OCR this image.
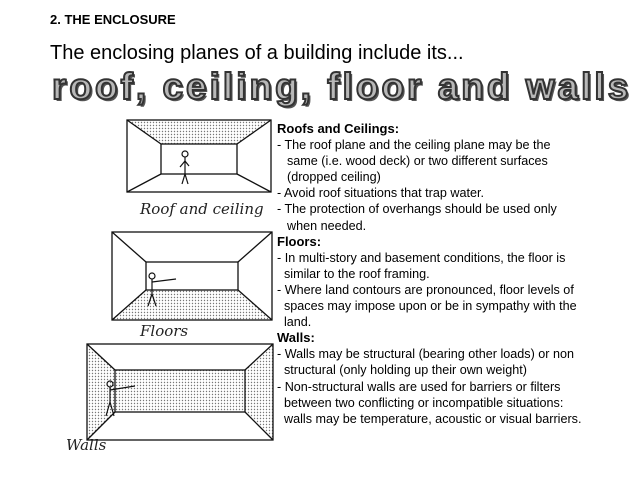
2. THE ENCLOSURE
The enclosing planes of a building include its...
roof, ceiling, floor and walls
Roof and ceiling
Floors
Walls
Roofs and Ceilings:
- The roof plane and the ceiling plane may be the
same (i.e. wood deck) or two different surfaces
(dropped ceiling)
- Avoid roof situations that trap water.
- The protection of overhangs should be used only
when needed.
Floors:
- In multi-story and basement conditions, the floor is
similar to the roof framing.
- Where land contours are pronounced, floor levels of
spaces may impose upon or be in sympathy with the
land.
Walls:
- Walls may be structural (bearing other loads) or non
structural (only holding up their own weight)
- Non-structural walls are used for barriers or filters
between two conflicting or incompatible situations:
walls may be temperature, acoustic or visual barriers.
